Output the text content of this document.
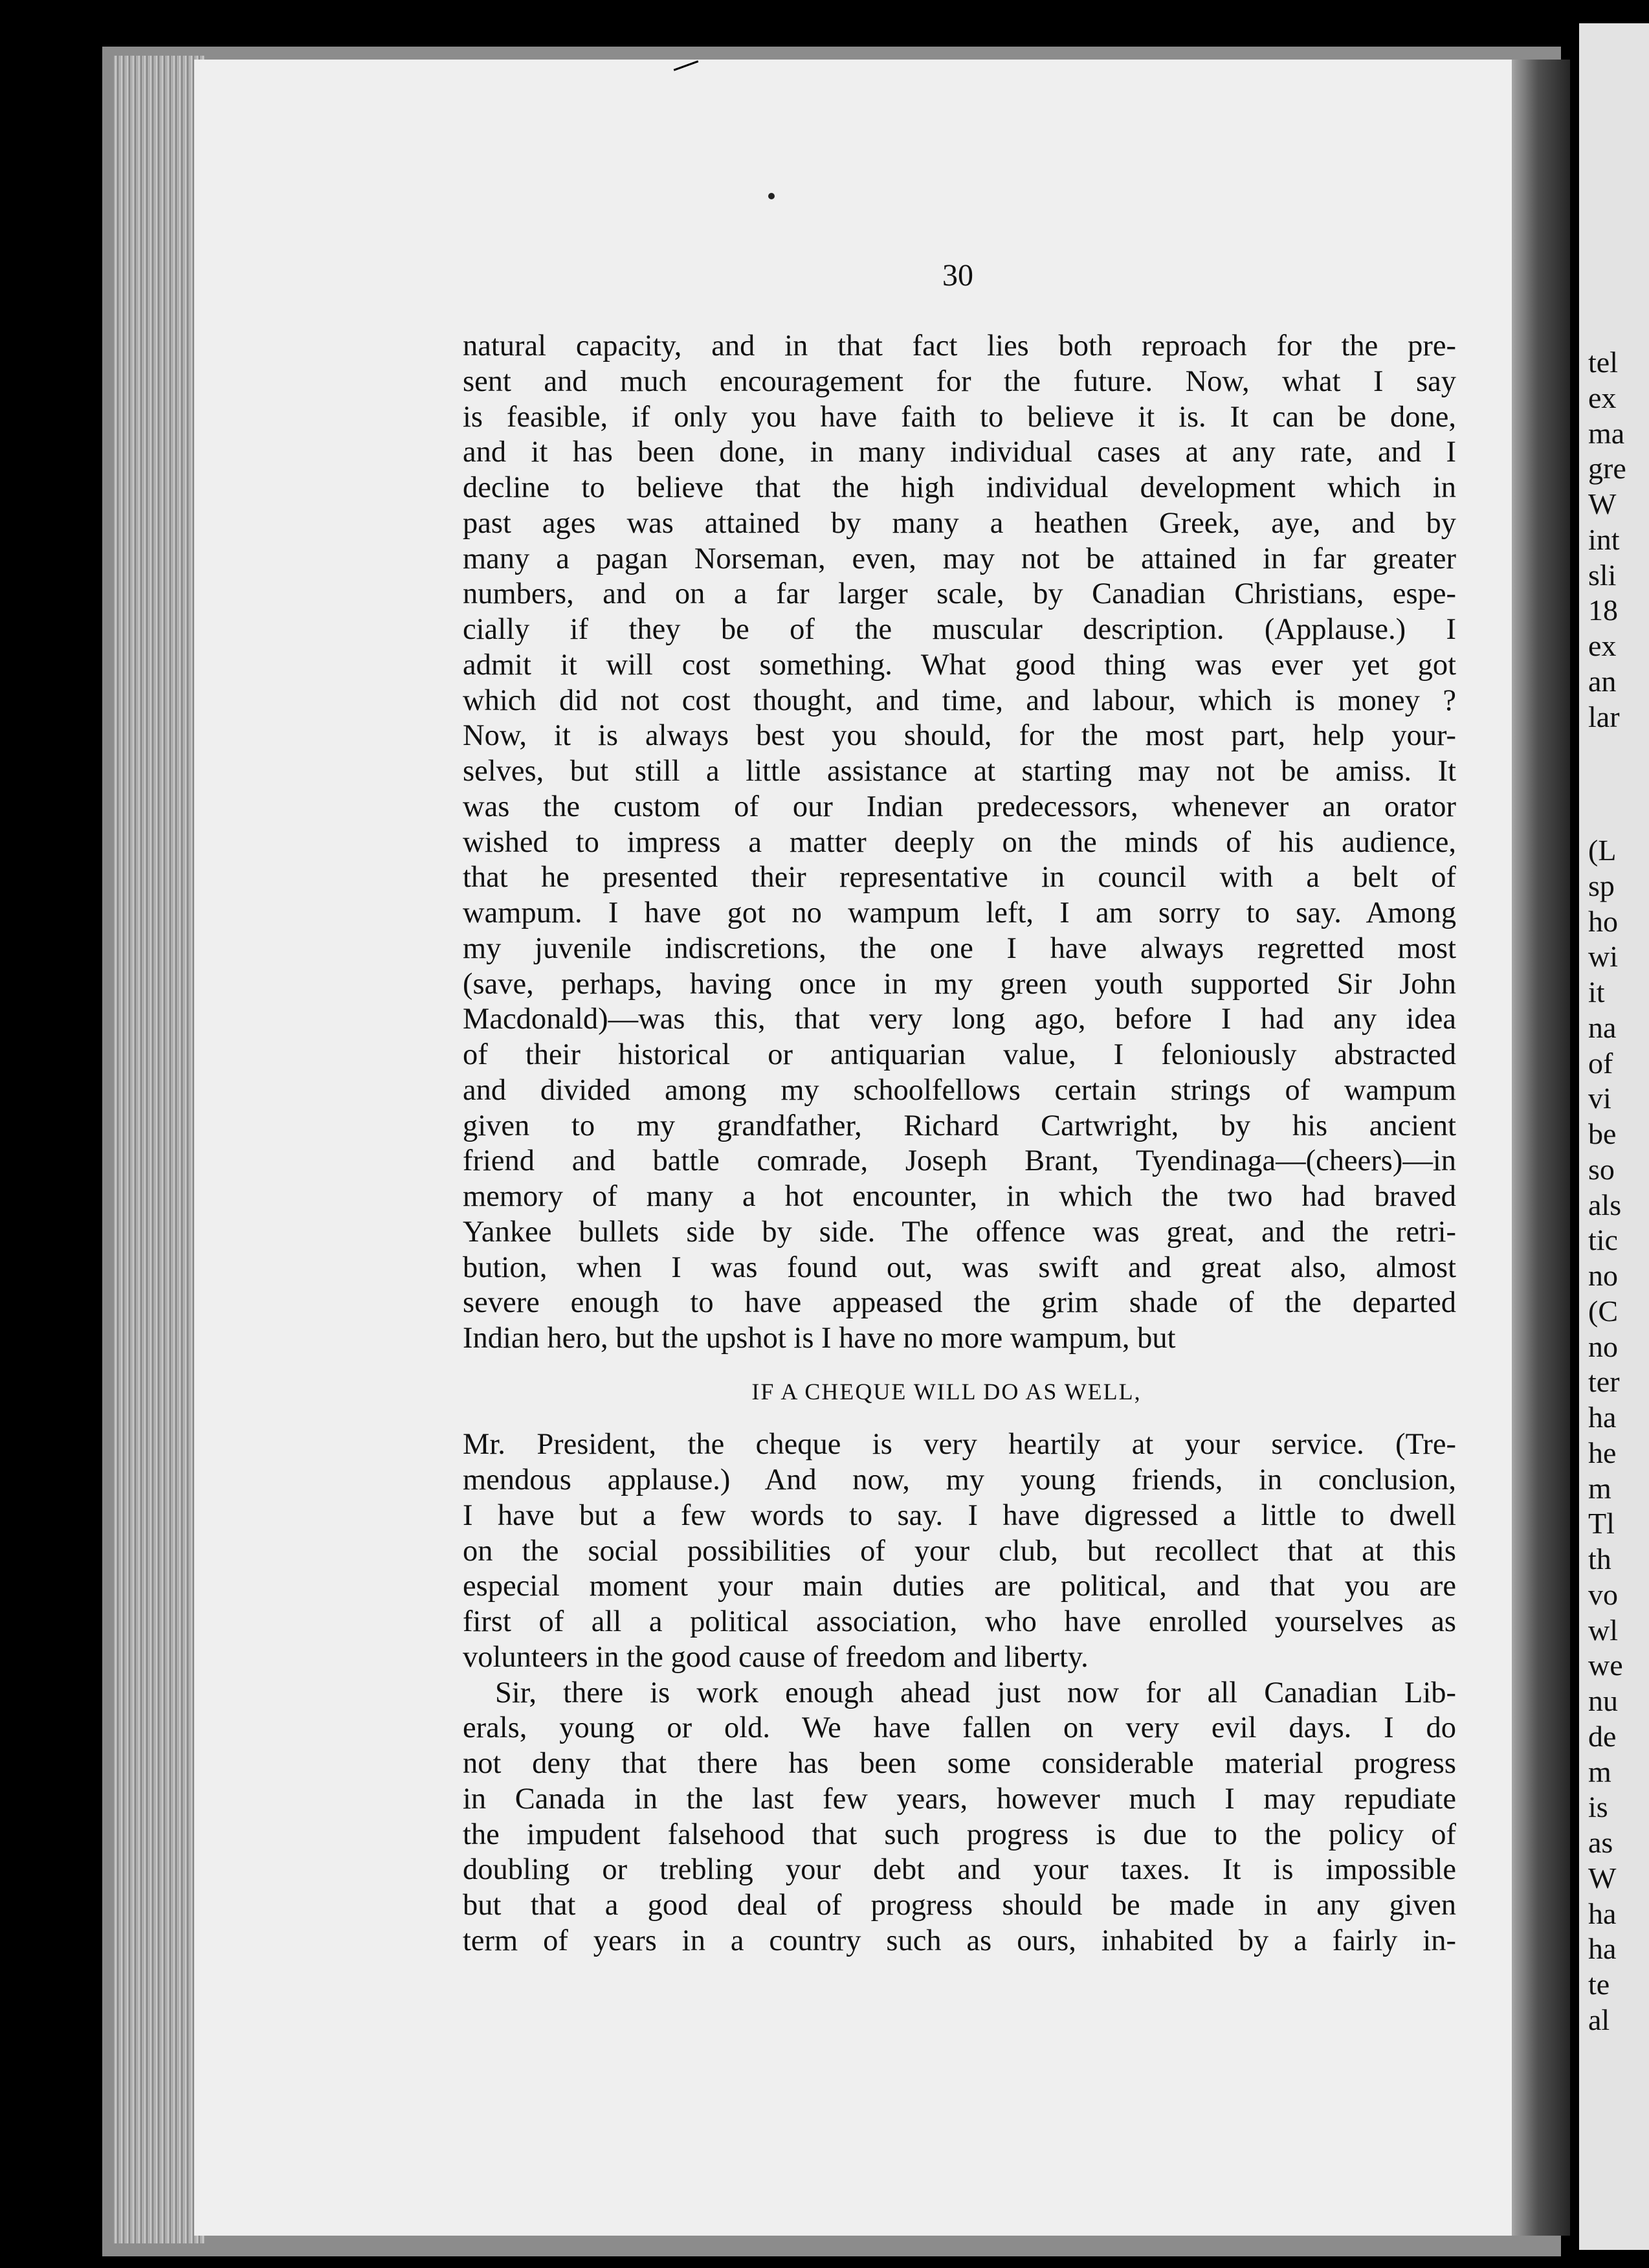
tel
ex
ma
gre
W
int
sli
18
ex
an
lar
(L
sp
ho
wi
it
na
of
vi
be
so
als
tic
no
(C
no
ter
ha
he
m
Tl
th
vo
wl
we
nu
de
m
is
as
W
ha
ha
te
al
30
natural capacity, and in that fact lies both reproach for the pre-
sent and much encouragement for the future. Now, what I say
is feasible, if only you have faith to believe it is. It can be done,
and it has been done, in many individual cases at any rate, and I
decline to believe that the high individual development which in
past ages was attained by many a heathen Greek, aye, and by
many a pagan Norseman, even, may not be attained in far greater
numbers, and on a far larger scale, by Canadian Christians, espe-
cially if they be of the muscular description. (Applause.) I
admit it will cost something. What good thing was ever yet got
which did not cost thought, and time, and labour, which is money ?
Now, it is always best you should, for the most part, help your-
selves, but still a little assistance at starting may not be amiss. It
was the custom of our Indian predecessors, whenever an orator
wished to impress a matter deeply on the minds of his audience,
that he presented their representative in council with a belt of
wampum. I have got no wampum left, I am sorry to say. Among
my juvenile indiscretions, the one I have always regretted most
(save, perhaps, having once in my green youth supported Sir John
Macdonald)—was this, that very long ago, before I had any idea
of their historical or antiquarian value, I feloniously abstracted
and divided among my schoolfellows certain strings of wampum
given to my grandfather, Richard Cartwright, by his ancient
friend and battle comrade, Joseph Brant, Tyendinaga—(cheers)—in
memory of many a hot encounter, in which the two had braved
Yankee bullets side by side. The offence was great, and the retri-
bution, when I was found out, was swift and great also, almost
severe enough to have appeased the grim shade of the departed
Indian hero, but the upshot is I have no more wampum, but
IF A CHEQUE WILL DO AS WELL,
Mr. President, the cheque is very heartily at your service. (Tre-
mendous applause.) And now, my young friends, in conclusion,
I have but a few words to say. I have digressed a little to dwell
on the social possibilities of your club, but recollect that at this
especial moment your main duties are political, and that you are
first of all a political association, who have enrolled yourselves as
volunteers in the good cause of freedom and liberty.
Sir, there is work enough ahead just now for all Canadian Lib-
erals, young or old. We have fallen on very evil days. I do
not deny that there has been some considerable material progress
in Canada in the last few years, however much I may repudiate
the impudent falsehood that such progress is due to the policy of
doubling or trebling your debt and your taxes. It is impossible
but that a good deal of progress should be made in any given
term of years in a country such as ours, inhabited by a fairly in-
